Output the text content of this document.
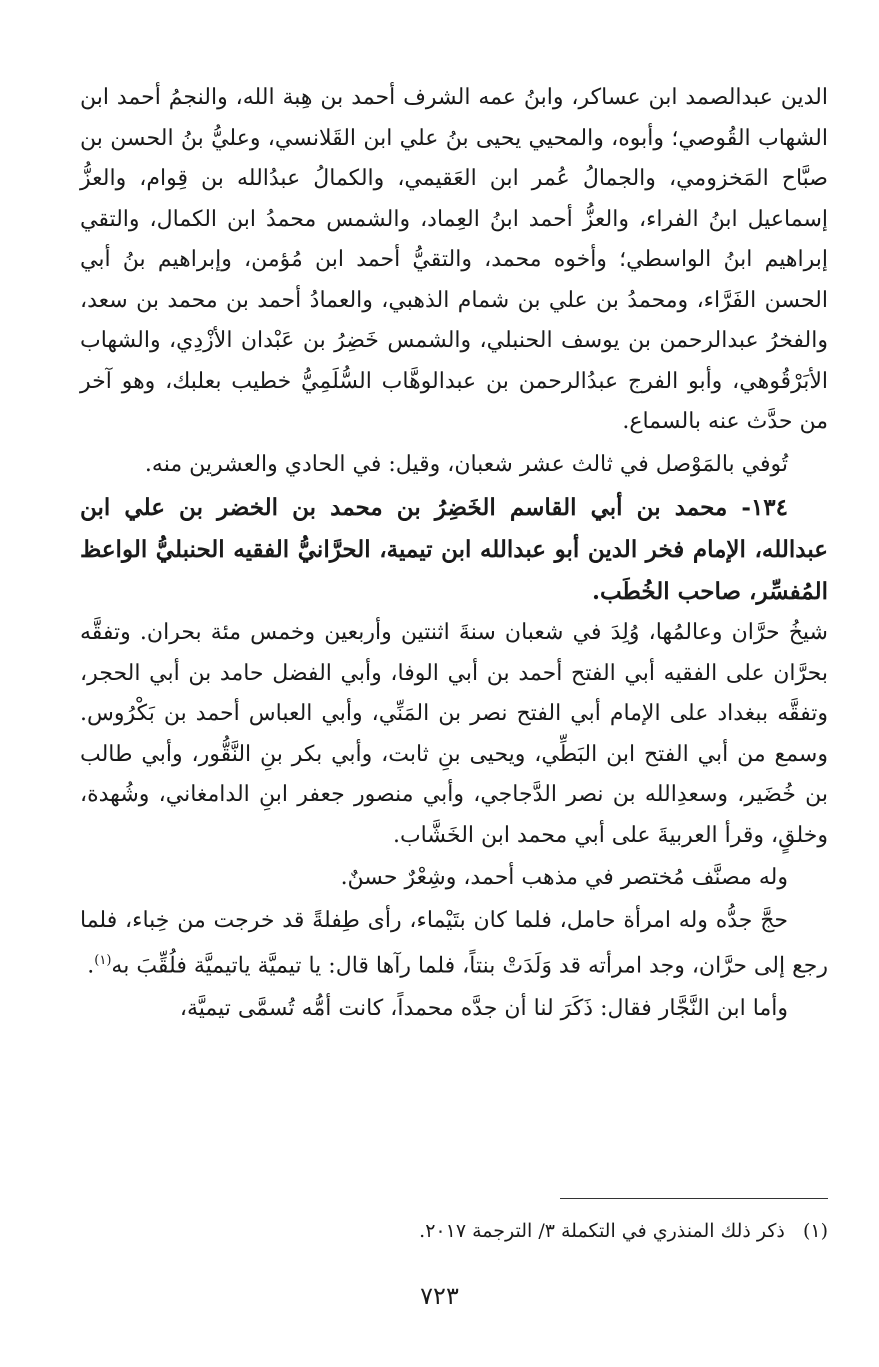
الدين عبدالصمد ابن عساكر، وابنُ عمه الشرف أحمد بن هِبة الله، والنجمُ أحمد ابن الشهاب القُوصي؛ وأبوه، والمحيي يحيى بنُ علي ابن القَلانسي، وعليُّ بنُ الحسن بن صبَّاح المَخزومي، والجمالُ عُمر ابن العَقيمي، والكمالُ عبدُالله بن قِوام، والعزُّ إسماعيل ابنُ الفراء، والعزُّ أحمد ابنُ العِماد، والشمس محمدُ ابن الكمال، والتقي إبراهيم ابنُ الواسطي؛ وأخوه محمد، والتقيُّ أحمد ابن مُؤمن، وإبراهيم بنُ أبي الحسن الفَرَّاء، ومحمدُ بن علي بن شمام الذهبي، والعمادُ أحمد بن محمد بن سعد، والفخرُ عبدالرحمن بن يوسف الحنبلي، والشمس خَضِرُ بن عَبْدان الأزْدِي، والشهاب الأبَرْقُوهي، وأبو الفرج عبدُالرحمن بن عبدالوهَّاب السُّلَمِيُّ خطيب بعلبك، وهو آخر من حدَّث عنه بالسماع.

تُوفي بالمَوْصل في ثالث عشر شعبان، وقيل: في الحادي والعشرين منه.

١٣٤- محمد بن أبي القاسم الخَضِرُ بن محمد بن الخضر بن علي ابن عبدالله، الإمام فخر الدين أبو عبدالله ابن تيمية، الحرَّانيُّ الفقيه الحنبليُّ الواعظ المُفسِّر، صاحب الخُطَب.

شيخُ حرَّان وعالمُها، وُلِدَ في شعبان سنةَ اثنتين وأربعين وخمس مئة بحران. وتفقَّه بحرَّان على الفقيه أبي الفتح أحمد بن أبي الوفا، وأبي الفضل حامد بن أبي الحجر، وتفقَّه ببغداد على الإمام أبي الفتح نصر بن المَنِّي، وأبي العباس أحمد بن بَكْرُوس. وسمع من أبي الفتح ابن البَطِّي، ويحيى بنِ ثابت، وأبي بكر بنِ النَّقُّور، وأبي طالب بن خُضَير، وسعدِالله بن نصر الدَّجاجي، وأبي منصور جعفر ابنِ الدامغاني، وشُهدة، وخلقٍ، وقرأ العربيةَ على أبي محمد ابن الخَشَّاب.

وله مصنَّف مُختصر في مذهب أحمد، وشِعْرٌ حسنٌ.

حجَّ جدُّه وله امرأة حامل، فلما كان بتَيْماء، رأى طِفلةً قد خرجت من خِباء، فلما رجع إلى حرَّان، وجد امرأته قد وَلَدَتْ بنتاً، فلما رآها قال: يا تيميَّة ياتيميَّة فلُقِّبَ به$^{(١)}$.

وأما ابن النَّجَّار فقال: ذَكَرَ لنا أن جدَّه محمداً، كانت أمُّه تُسمَّى تيميَّة،

(١) ذكر ذلك المنذري في التكملة ٣/ الترجمة ٢٠١٧.
٧٢٣
